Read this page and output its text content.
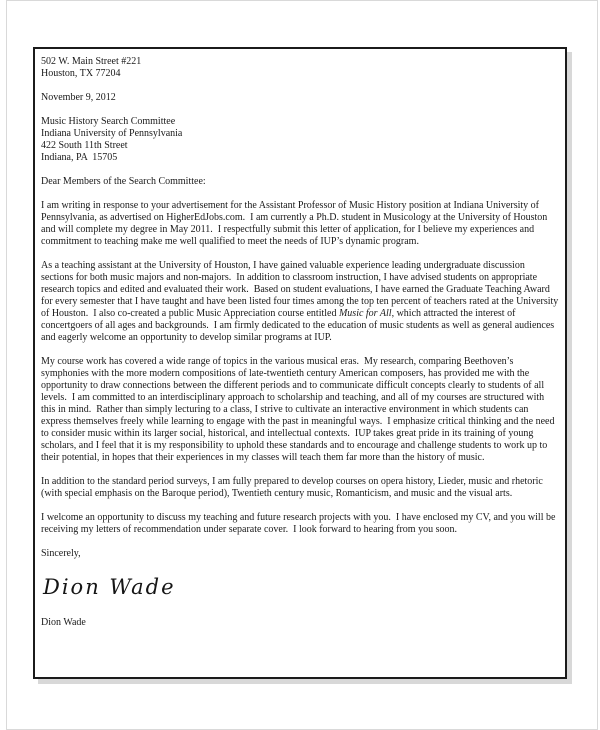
502 W. Main Street #221
Houston, TX 77204
November 9, 2012
Music History Search Committee
Indiana University of Pennsylvania
422 South 11th Street
Indiana, PA  15705
Dear Members of the Search Committee:

I am writing in response to your advertisement for the Assistant Professor of Music History position at Indiana University of Pennsylvania, as advertised on HigherEdJobs.com.  I am currently a Ph.D. student in Musicology at the University of Houston and will complete my degree in May 2011.  I respectfully submit this letter of application, for I believe my experiences and commitment to teaching make me well qualified to meet the needs of IUP’s dynamic program.

As a teaching assistant at the University of Houston, I have gained valuable experience leading undergraduate discussion sections for both music majors and non-majors.  In addition to classroom instruction, I have advised students on appropriate research topics and edited and evaluated their work.  Based on student evaluations, I have earned the Graduate Teaching Award for every semester that I have taught and have been listed four times among the top ten percent of teachers rated at the University of Houston.  I also co-created a public Music Appreciation course entitled Music for All, which attracted the interest of concertgoers of all ages and backgrounds.  I am firmly dedicated to the education of music students as well as general audiences and eagerly welcome an opportunity to develop similar programs at IUP.

My course work has covered a wide range of topics in the various musical eras.  My research, comparing Beethoven’s symphonies with the more modern compositions of late-twentieth century American composers, has provided me with the opportunity to draw connections between the different periods and to communicate difficult concepts clearly to students of all levels.  I am committed to an interdisciplinary approach to scholarship and teaching, and all of my courses are structured with this in mind.  Rather than simply lecturing to a class, I strive to cultivate an interactive environment in which students can express themselves freely while learning to engage with the past in meaningful ways.  I emphasize critical thinking and the need to consider music within its larger social, historical, and intellectual contexts.  IUP takes great pride in its training of young scholars, and I feel that it is my responsibility to uphold these standards and to encourage and challenge students to work up to their potential, in hopes that their experiences in my classes will teach them far more than the history of music.

In addition to the standard period surveys, I am fully prepared to develop courses on opera history, Lieder, music and rhetoric (with special emphasis on the Baroque period), Twentieth century music, Romanticism, and music and the visual arts.

I welcome an opportunity to discuss my teaching and future research projects with you.  I have enclosed my CV, and you will be receiving my letters of recommendation under separate cover.  I look forward to hearing from you soon.

Sincerely,
Dion Wade
Dion Wade
